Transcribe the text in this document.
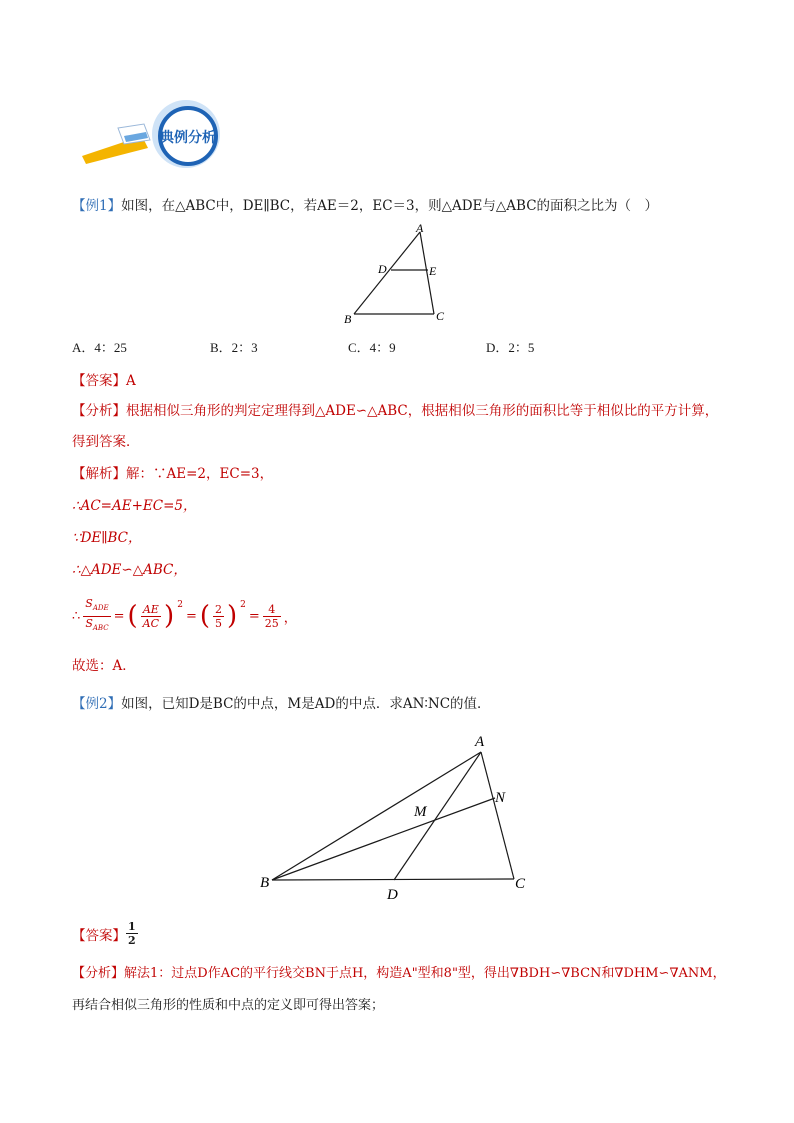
典例分析
【例1】如图，在△ABC中，DE∥BC，若AE＝2，EC＝3，则△ADE与△ABC的面积之比为（　）
A
D	E
B	C
A．4：25	B．2：3	C．4：9	D．2：5
【答案】A
【分析】根据相似三角形的判定定理得到△ADE∽△ABC，根据相似三角形的面积比等于相似比的平方计算，
得到答案．
【解析】解：∵AE=2，EC=3，
∴AC=AE+EC=5，
∵DE∥BC，
∴△ADE∽△ABC，
∴ $\frac{S_{ADE}}{S_{ABC}}$ = ( $\frac{AE}{AC}$ ) $^2$
= ( $\frac{2}{5}$ ) $^2$
= $\frac{4}{25}$ ，
故选：A．
【例2】如图，已知D是BC的中点，M是AD的中点．求AN∶NC的值．
A
N
M
B
D
C
【答案】 $\frac{1}{2}$
【分析】解法1：过点D作AC的平行线交BN于点H，构造A"型和8"型，得出∇BDH∽∇BCN和∇DHM∽∇ANM，
再结合相似三角形的性质和中点的定义即可得出答案；
